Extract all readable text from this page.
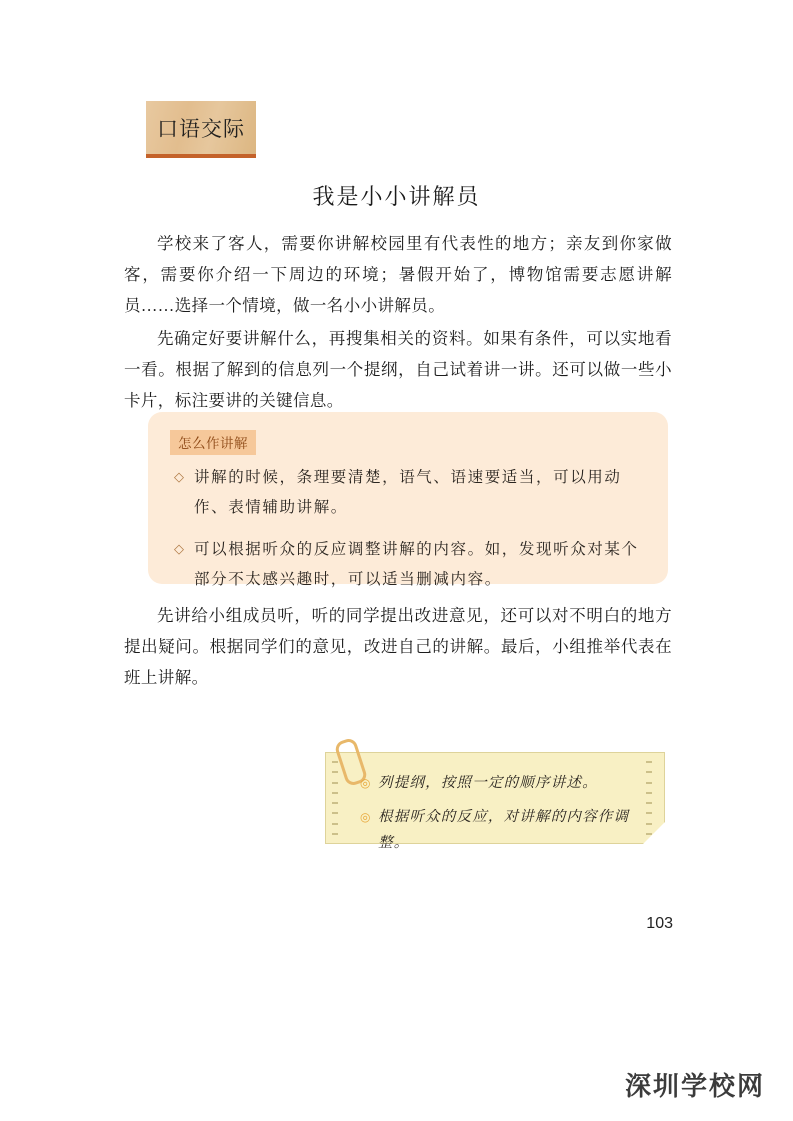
口语交际
我是小小讲解员

学校来了客人，需要你讲解校园里有代表性的地方；亲友到你家做客，需要你介绍一下周边的环境；暑假开始了，博物馆需要志愿讲解员……选择一个情境，做一名小小讲解员。

先确定好要讲解什么，再搜集相关的资料。如果有条件，可以实地看一看。根据了解到的信息列一个提纲，自己试着讲一讲。还可以做一些小卡片，标注要讲的关键信息。

怎么作讲解
◇ 讲解的时候，条理要清楚，语气、语速要适当，可以用动作、表情辅助讲解。
◇ 可以根据听众的反应调整讲解的内容。如，发现听众对某个部分不太感兴趣时，可以适当删减内容。

先讲给小组成员听，听的同学提出改进意见，还可以对不明白的地方提出疑问。根据同学们的意见，改进自己的讲解。最后，小组推举代表在班上讲解。

◎ 列提纲，按照一定的顺序讲述。
◎ 根据听众的反应，对讲解的内容作调整。
103
深圳学校网
